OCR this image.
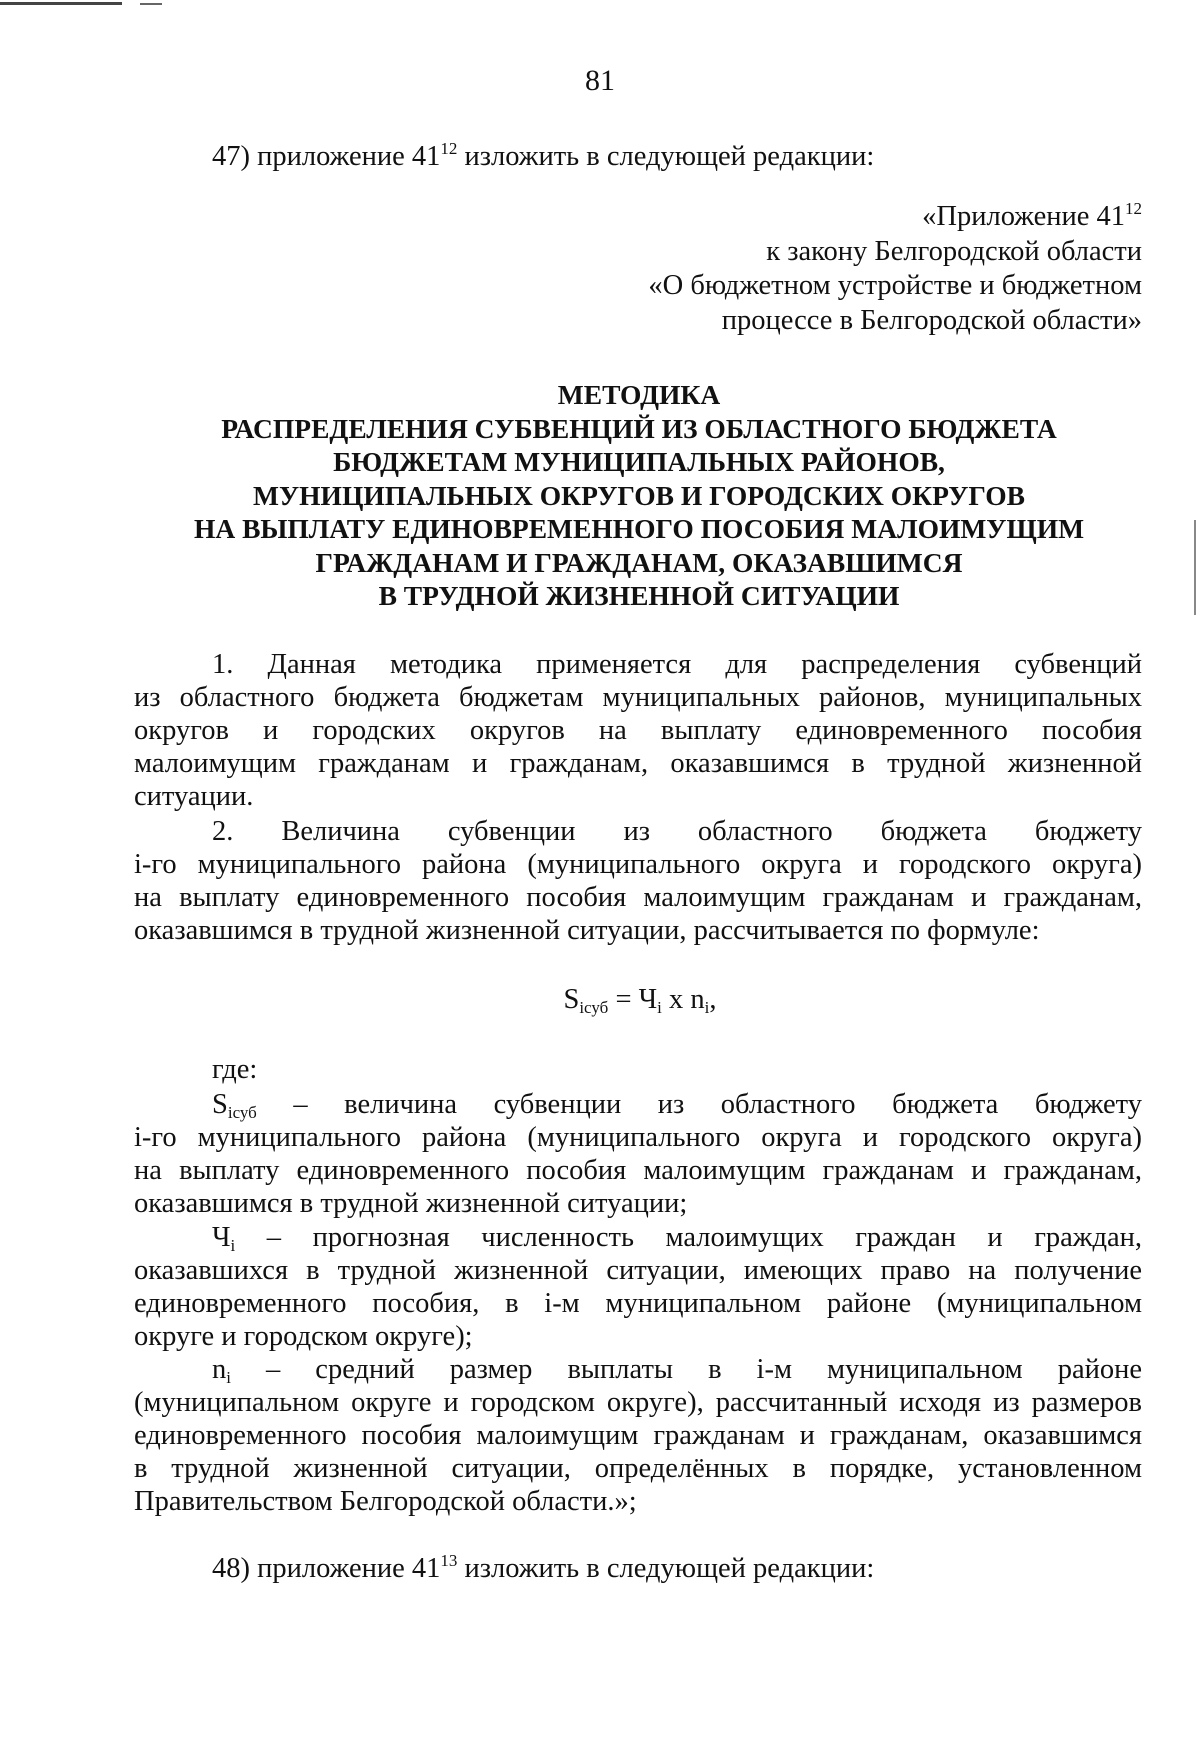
81
47) приложение $41^{12}$ изложить в следующей редакции:
«Приложение $41^{12}$
к закону Белгородской области
«О бюджетном устройстве и бюджетном
процессе в Белгородской области»
МЕТОДИКА
РАСПРЕДЕЛЕНИЯ СУБВЕНЦИЙ ИЗ ОБЛАСТНОГО БЮДЖЕТА
БЮДЖЕТАМ МУНИЦИПАЛЬНЫХ РАЙОНОВ,
МУНИЦИПАЛЬНЫХ ОКРУГОВ И ГОРОДСКИХ ОКРУГОВ
НА ВЫПЛАТУ ЕДИНОВРЕМЕННОГО ПОСОБИЯ МАЛОИМУЩИМ
ГРАЖДАНАМ И ГРАЖДАНАМ, ОКАЗАВШИМСЯ
В ТРУДНОЙ ЖИЗНЕННОЙ СИТУАЦИИ
1. Данная методика применяется для распределения субвенций
из областного бюджета бюджетам муниципальных районов, муниципальных
округов и городских округов на выплату единовременного пособия
малоимущим гражданам и гражданам, оказавшимся в трудной жизненной
ситуации.
2. Величина субвенции из областного бюджета бюджету
i-го муниципального района (муниципального округа и городского округа)
на выплату единовременного пособия малоимущим гражданам и гражданам,
оказавшимся в трудной жизненной ситуации, рассчитывается по формуле:
$S_{iсуб} = Ч_i$ x $n_i$,
где:
$S_{iсуб}$ – величина субвенции из областного бюджета бюджету
i-го муниципального района (муниципального округа и городского округа)
на выплату единовременного пособия малоимущим гражданам и гражданам,
оказавшимся в трудной жизненной ситуации;
$Ч_i$ – прогнозная численность малоимущих граждан и граждан,
оказавшихся в трудной жизненной ситуации, имеющих право на получение
единовременного пособия, в i-м муниципальном районе (муниципальном
округе и городском округе);
$n_i$ – средний размер выплаты в i-м муниципальном районе
(муниципальном округе и городском округе), рассчитанный исходя из размеров
единовременного пособия малоимущим гражданам и гражданам, оказавшимся
в трудной жизненной ситуации, определённых в порядке, установленном
Правительством Белгородской области.»;
48) приложение $41^{13}$ изложить в следующей редакции:
